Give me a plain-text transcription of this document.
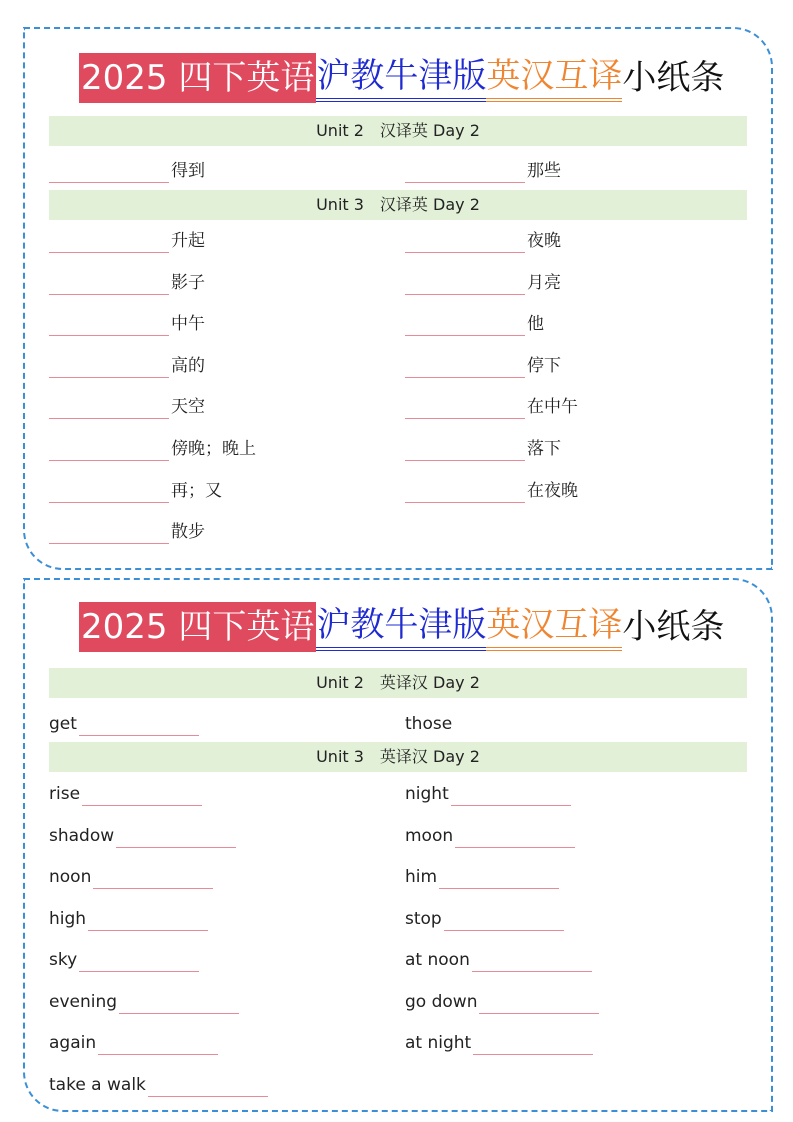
2025 四下英语 沪教牛津版 英汉互译 小纸条
Unit 2　汉译英 Day 2
得到	那些
Unit 3　汉译英 Day 2
升起
影子
中午
高的
天空
傍晚；晚上
再；又
散步
夜晚
月亮
他
停下
在中午
落下
在夜晚
2025 四下英语 沪教牛津版 英汉互译 小纸条
Unit 2　英译汉 Day 2
get	those
Unit 3　英译汉 Day 2
rise
shadow
noon
high
sky
evening
again
take a walk
night
moon
him
stop
at noon
go down
at night
